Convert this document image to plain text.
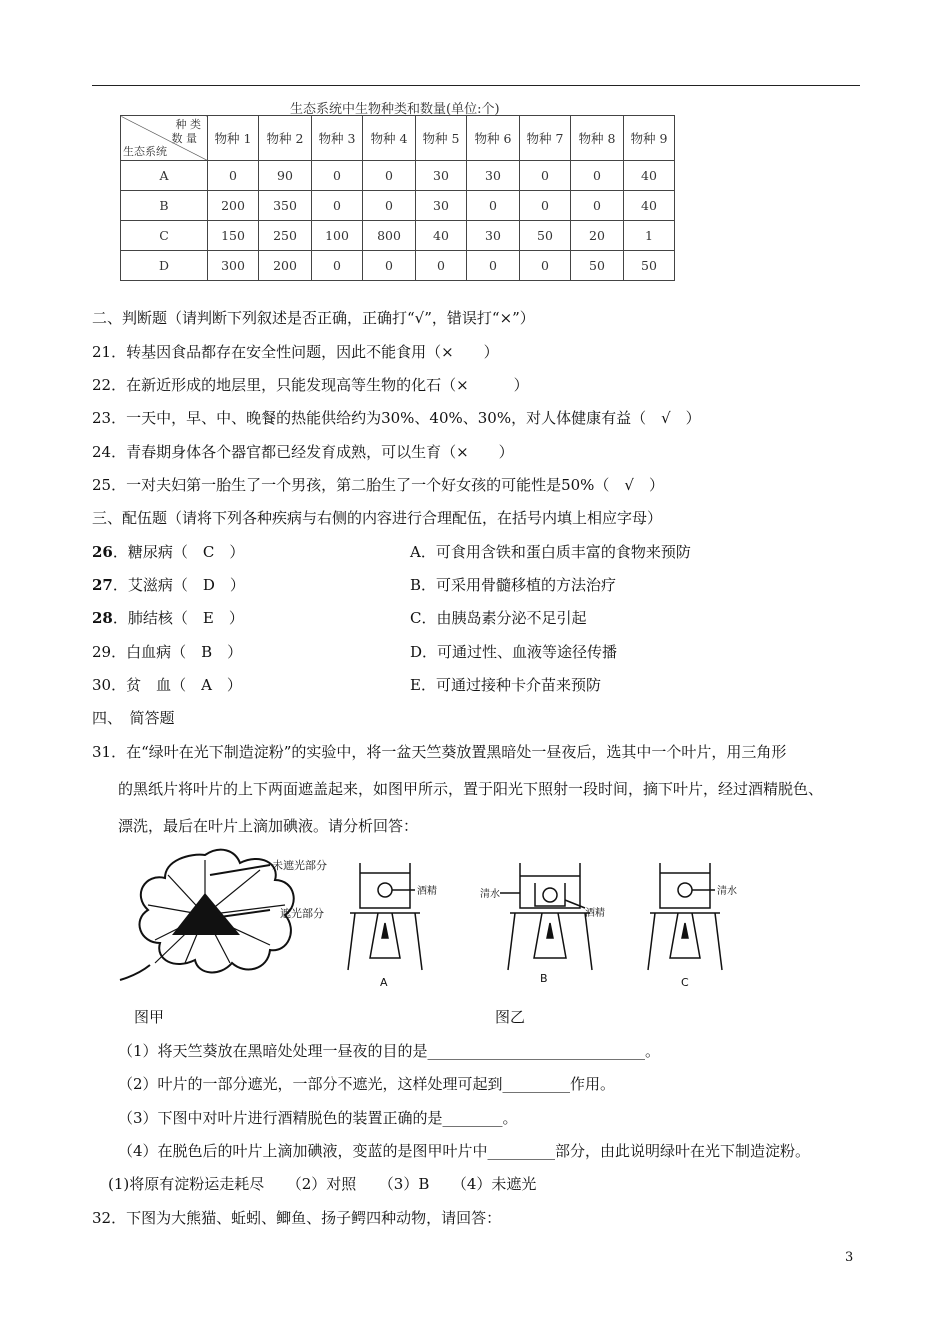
生态系统中生物种类和数量(单位:个)
种 类
数 量
生态系统	物种 1	物种 2	物种 3	物种 4	物种 5	物种 6	物种 7	物种 8	物种 9
A	0	90	0	0	30	30	0	0	40
B	200	350	0	0	30	0	0	0	40
C	150	250	100	800	40	30	50	20	1
D	300	200	0	0	0	0	0	50	50
二、判断题（请判断下列叙述是否正确，正确打“√”，错误打“×”）
21．转基因食品都存在安全性问题，因此不能食用（×　　）
22．在新近形成的地层里，只能发现高等生物的化石（×　　　）
23．一天中，早、中、晚餐的热能供给约为30%、40%、30%，对人体健康有益（　√　）
24．青春期身体各个器官都已经发育成熟，可以生育（×　　）
25．一对夫妇第一胎生了一个男孩，第二胎生了一个好女孩的可能性是50%（　√　）
三、配伍题（请将下列各种疾病与右侧的内容进行合理配伍，在括号内填上相应字母）
26．糖尿病（　C　）	A．可食用含铁和蛋白质丰富的食物来预防
27．艾滋病（　D　）	B．可采用骨髓移植的方法治疗
28．肺结核（　E　）	C．由胰岛素分泌不足引起
29．白血病（　B　）	D．可通过性、血液等途径传播
30．贫　血（　A　）	E．可通过接种卡介苗来预防
四、　简答题
31．在“绿叶在光下制造淀粉”的实验中，将一盆天竺葵放置黑暗处一昼夜后，选其中一个叶片，用三角形
的黑纸片将叶片的上下两面遮盖起来，如图甲所示，置于阳光下照射一段时间，摘下叶片，经过酒精脱色、
漂洗，最后在叶片上滴加碘液。请分析回答：
未遮光部分
遮光部分
酒精
A
清水
酒精
B
清水
C
图甲	图乙
（1）将天竺葵放在黑暗处处理一昼夜的目的是_____________________________。
（2）叶片的一部分遮光，一部分不遮光，这样处理可起到_________作用。
（3）下图中对叶片进行酒精脱色的装置正确的是________。
（4）在脱色后的叶片上滴加碘液，变蓝的是图甲叶片中_________部分，由此说明绿叶在光下制造淀粉。
(1)将原有淀粉运走耗尽　　（2）对照　　（3）B　　（4）未遮光
32．下图为大熊猫、蚯蚓、鲫鱼、扬子鳄四种动物，请回答：
3
